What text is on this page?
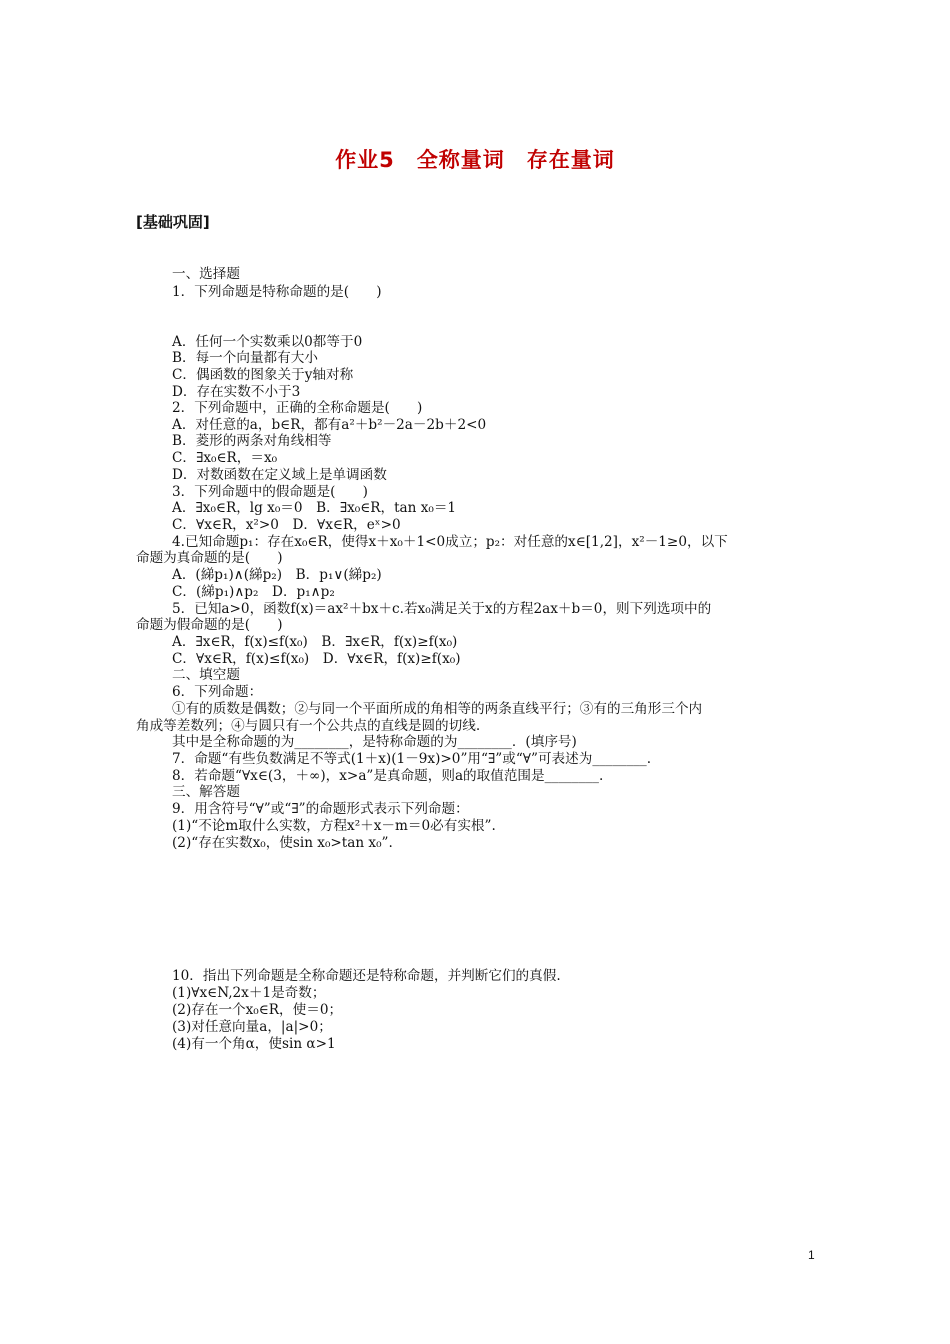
作业5　全称量词　存在量词
[基础巩固]
一、选择题
1．下列命题是特称命题的是(　　)
A．任何一个实数乘以0都等于0
B．每一个向量都有大小
C．偶函数的图象关于y轴对称
D．存在实数不小于3
2．下列命题中，正确的全称命题是(　　)
A．对任意的a，b∈R，都有a²＋b²－2a－2b＋2<0
B．菱形的两条对角线相等
C．∃x₀∈R，＝x₀
D．对数函数在定义域上是单调函数
3．下列命题中的假命题是(　　)
A．∃x₀∈R，lg x₀＝0　B．∃x₀∈R，tan x₀＝1
C．∀x∈R，x²>0　D．∀x∈R，eˣ>0
4.已知命题p₁：存在x₀∈R，使得x＋x₀＋1<0成立；p₂：对任意的x∈[1,2]，x²－1≥0，以下
命题为真命题的是(　　)
A．(綈p₁)∧(綈p₂)　B．p₁∨(綈p₂)
C．(綈p₁)∧p₂　D．p₁∧p₂
5．已知a>0，函数f(x)＝ax²＋bx＋c.若x₀满足关于x的方程2ax＋b＝0，则下列选项中的
命题为假命题的是(　　)
A．∃x∈R，f(x)≤f(x₀)　B．∃x∈R，f(x)≥f(x₀)
C．∀x∈R，f(x)≤f(x₀)　D．∀x∈R，f(x)≥f(x₀)
二、填空题
6．下列命题：
①有的质数是偶数；②与同一个平面所成的角相等的两条直线平行；③有的三角形三个内
角成等差数列；④与圆只有一个公共点的直线是圆的切线.
其中是全称命题的为________，是特称命题的为________．(填序号)
7．命题“有些负数满足不等式(1＋x)(1－9x)>0”用“∃”或“∀”可表述为________.
8．若命题“∀x∈(3，＋∞)，x>a”是真命题，则a的取值范围是________.
三、解答题
9．用含符号“∀”或“∃”的命题形式表示下列命题：
(1)“不论m取什么实数，方程x²＋x－m＝0必有实根”.
(2)“存在实数x₀，使sin x₀>tan x₀”.
10．指出下列命题是全称命题还是特称命题，并判断它们的真假.
(1)∀x∈N,2x＋1是奇数；
(2)存在一个x₀∈R，使＝0；
(3)对任意向量a，|a|>0；
(4)有一个角α，使sin α>1
1
